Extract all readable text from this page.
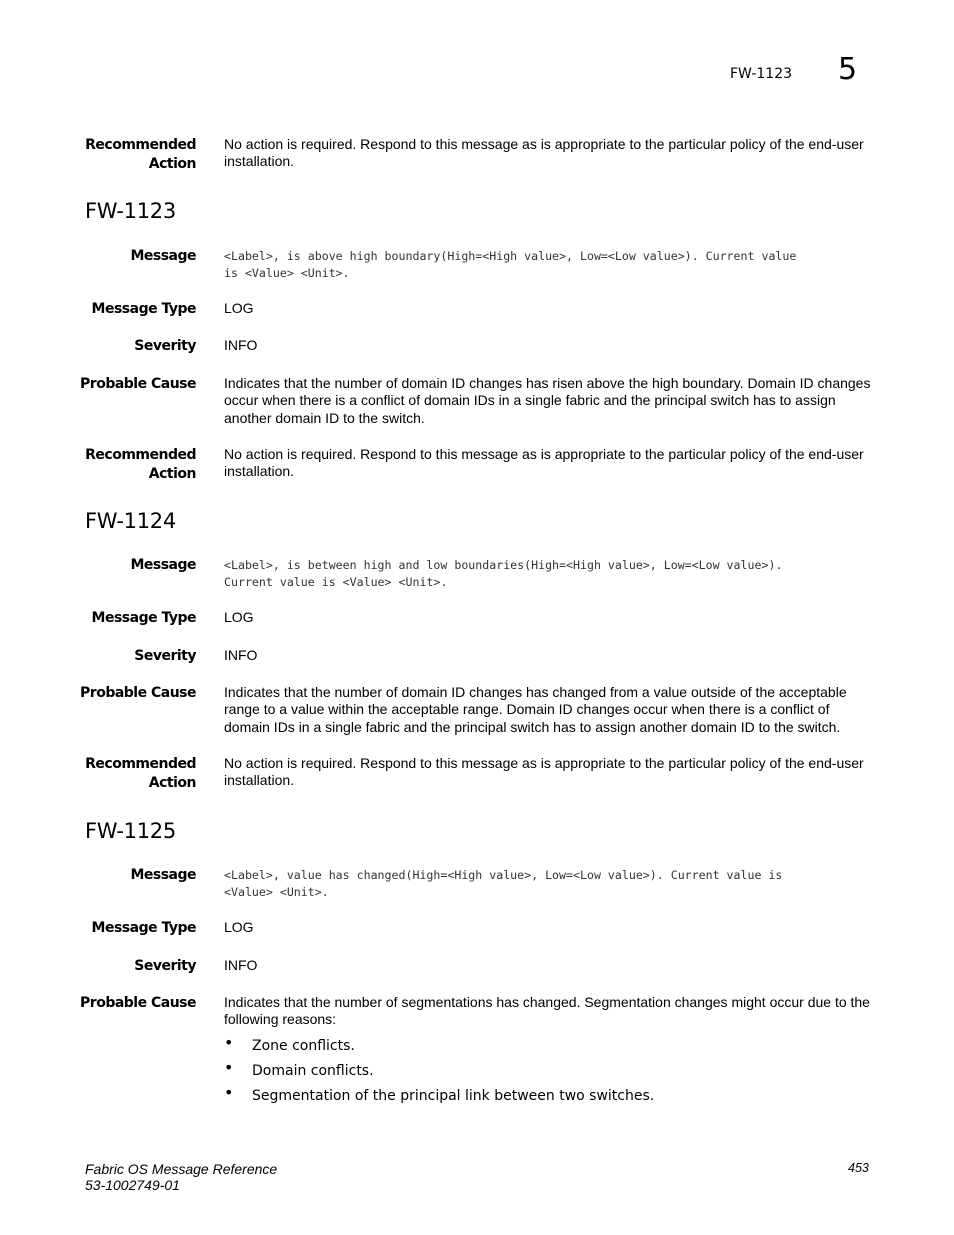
FW-1123 5
Recommended
Action
No action is required. Respond to this message as is appropriate to the particular policy of the end-user installation.
FW-1123
Message <Label>, is above high boundary(High=<High value>, Low=<Low value>). Current value
is <Value> <Unit>.
Message Type LOG
Severity INFO
Probable Cause Indicates that the number of domain ID changes has risen above the high boundary. Domain ID changes occur when there is a conflict of domain IDs in a single fabric and the principal switch has to assign another domain ID to the switch.
Recommended
Action
No action is required. Respond to this message as is appropriate to the particular policy of the end-user installation.
FW-1124
Message <Label>, is between high and low boundaries(High=<High value>, Low=<Low value>).
Current value is <Value> <Unit>.
Message Type LOG
Severity INFO
Probable Cause Indicates that the number of domain ID changes has changed from a value outside of the acceptable range to a value within the acceptable range. Domain ID changes occur when there is a conflict of domain IDs in a single fabric and the principal switch has to assign another domain ID to the switch.
Recommended
Action
No action is required. Respond to this message as is appropriate to the particular policy of the end-user installation.
FW-1125
Message <Label>, value has changed(High=<High value>, Low=<Low value>). Current value is
<Value> <Unit>.
Message Type LOG
Severity INFO
Probable Cause Indicates that the number of segmentations has changed. Segmentation changes might occur due to the following reasons:
• Zone conflicts.
• Domain conflicts.
• Segmentation of the principal link between two switches.
Fabric OS Message Reference
53-1002749-01
453
